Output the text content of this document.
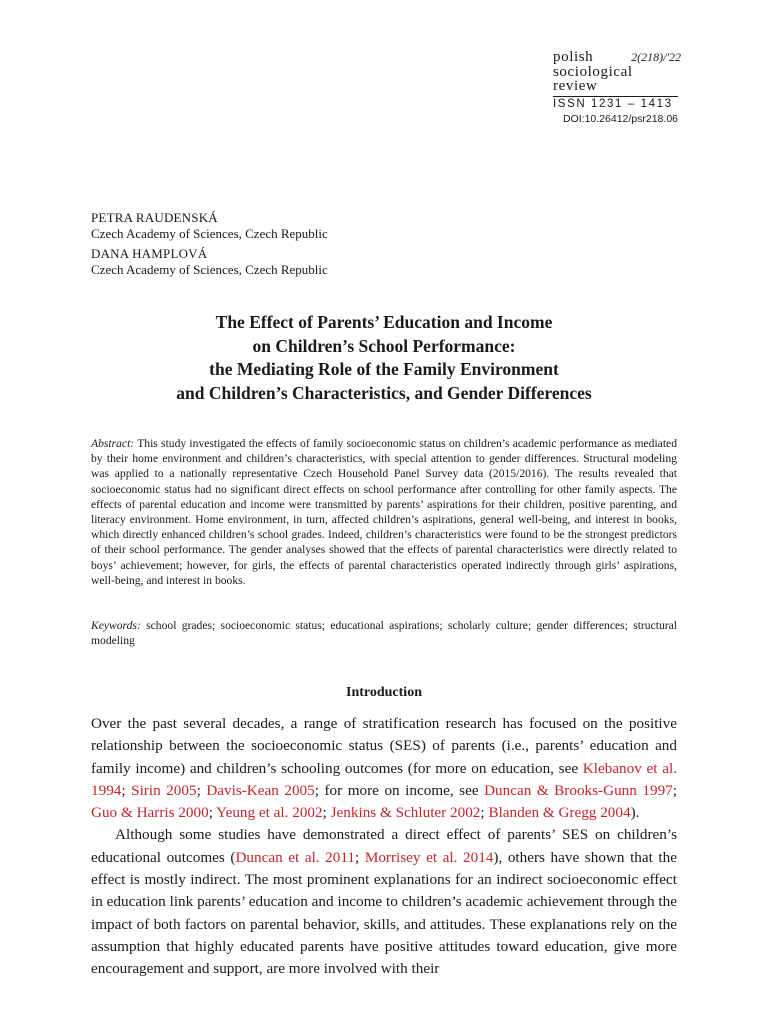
polish	2(218)/'22
sociological
review
ISSN 1231 – 1413
DOI:10.26412/psr218.06
PETRA RAUDENSKÁ
Czech Academy of Sciences, Czech Republic
DANA HAMPLOVÁ
Czech Academy of Sciences, Czech Republic
The Effect of Parents’ Education and Income
on Children’s School Performance:
the Mediating Role of the Family Environment
and Children’s Characteristics, and Gender Differences

Abstract: This study investigated the effects of family socioeconomic status on children’s academic performance as mediated by their home environment and children’s characteristics, with special attention to gender differences. Structural modeling was applied to a nationally representative Czech Household Panel Survey data (2015/2016). The results revealed that socioeconomic status had no significant direct effects on school performance after controlling for other family aspects. The effects of parental education and income were transmitted by parents’ aspirations for their children, positive parenting, and literacy environment. Home environment, in turn, affected children’s aspirations, general well-being, and interest in books, which directly enhanced children’s school grades. Indeed, children’s characteristics were found to be the strongest predictors of their school performance. The gender analyses showed that the effects of parental characteristics were directly related to boys’ achievement; however, for girls, the effects of parental characteristics operated indirectly through girls’ aspirations, well-being, and interest in books.

Keywords: school grades; socioeconomic status; educational aspirations; scholarly culture; gender differences; structural modeling

Introduction

Over the past several decades, a range of stratification research has focused on the positive relationship between the socioeconomic status (SES) of parents (i.e., parents’ education and family income) and children’s schooling outcomes (for more on education, see Klebanov et al. 1994; Sirin 2005; Davis-Kean 2005; for more on income, see Duncan & Brooks-Gunn 1997; Guo & Harris 2000; Yeung et al. 2002; Jenkins & Schluter 2002; Blanden & Gregg 2004).

Although some studies have demonstrated a direct effect of parents’ SES on children’s educational outcomes (Duncan et al. 2011; Morrisey et al. 2014), others have shown that the effect is mostly indirect. The most prominent explanations for an indirect socioeconomic effect in education link parents’ education and income to children’s academic achievement through the impact of both factors on parental behavior, skills, and attitudes. These explanations rely on the assumption that highly educated parents have positive attitudes toward education, give more encouragement and support, are more involved with their
